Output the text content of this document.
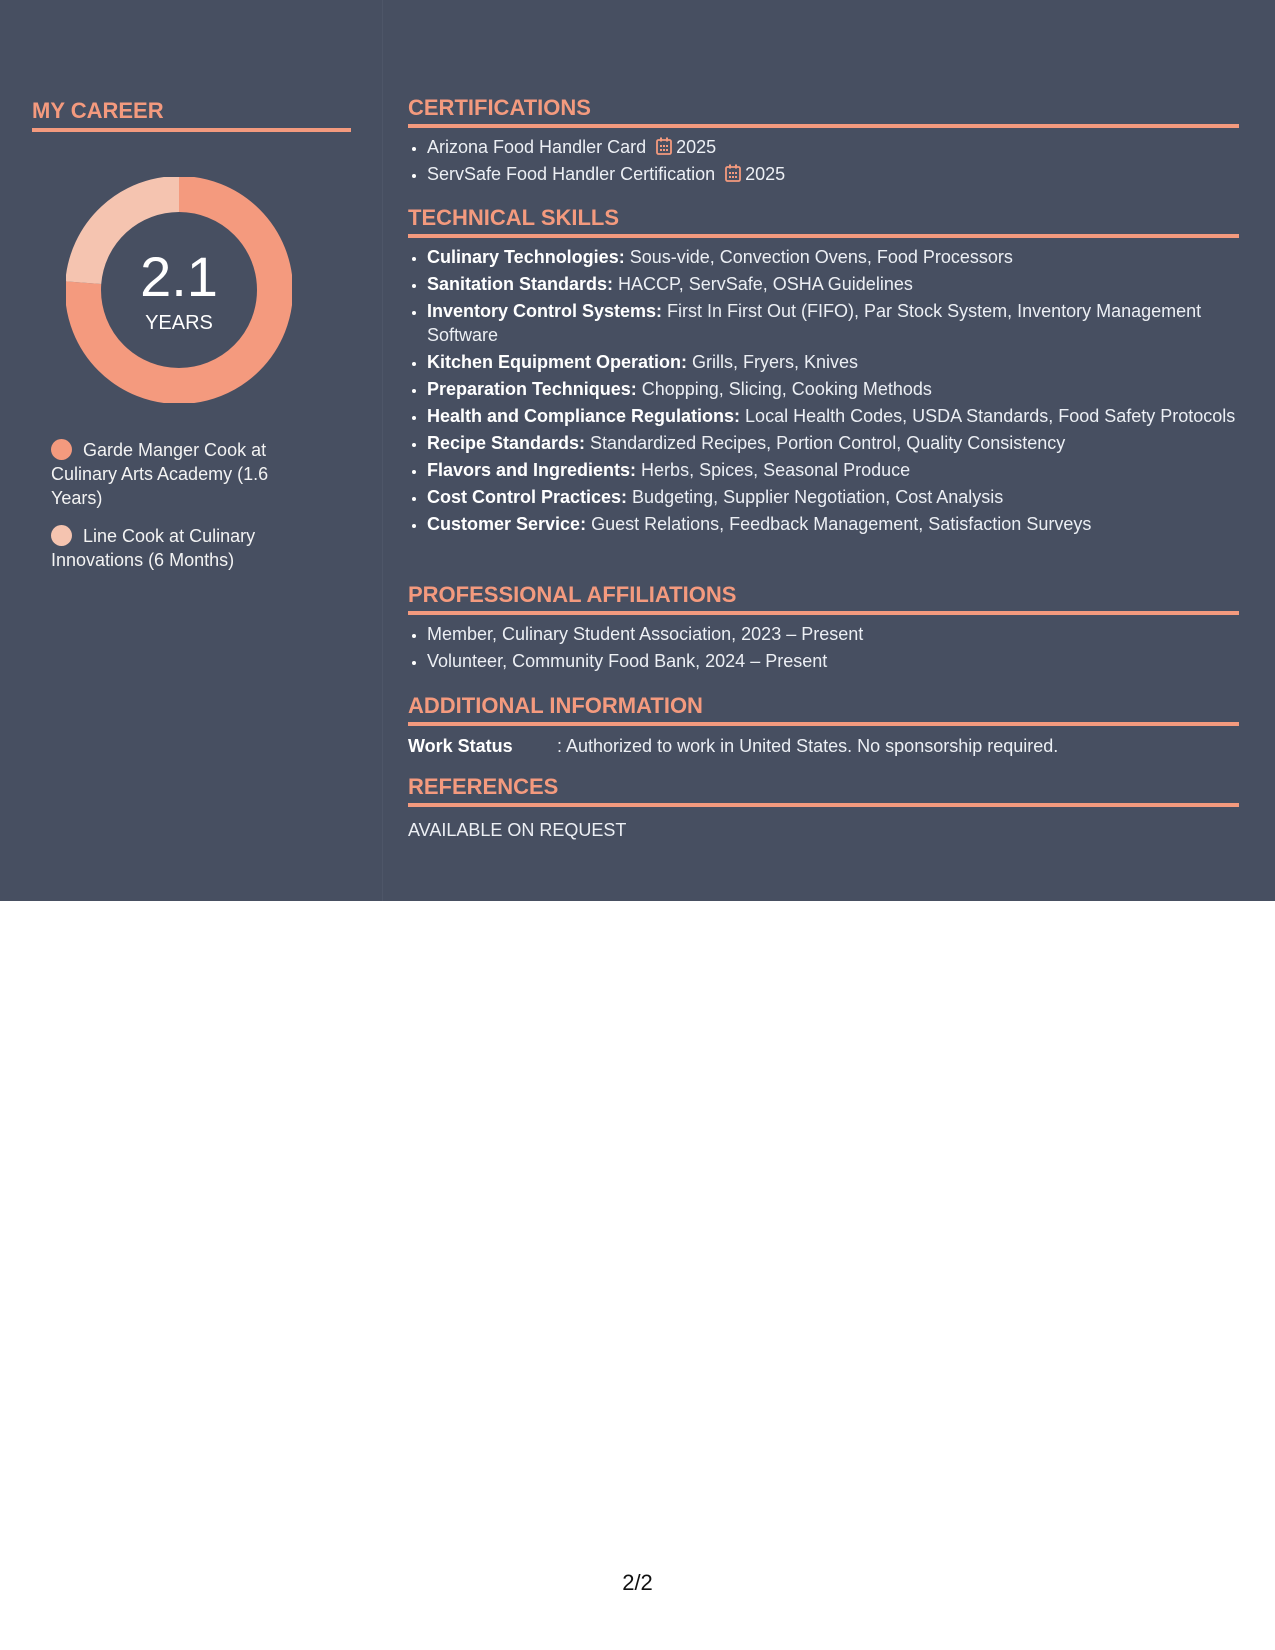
MY CAREER
2.1
YEARS
Garde Manger Cook at Culinary Arts Academy (1.6 Years)
Line Cook at Culinary Innovations (6 Months)
CERTIFICATIONS
• Arizona Food Handler Card 2025
• ServSafe Food Handler Certification 2025
TECHNICAL SKILLS
• Culinary Technologies: Sous-vide, Convection Ovens, Food Processors
• Sanitation Standards: HACCP, ServSafe, OSHA Guidelines
• Inventory Control Systems: First In First Out (FIFO), Par Stock System, Inventory Management Software
• Kitchen Equipment Operation: Grills, Fryers, Knives
• Preparation Techniques: Chopping, Slicing, Cooking Methods
• Health and Compliance Regulations: Local Health Codes, USDA Standards, Food Safety Protocols
• Recipe Standards: Standardized Recipes, Portion Control, Quality Consistency
• Flavors and Ingredients: Herbs, Spices, Seasonal Produce
• Cost Control Practices: Budgeting, Supplier Negotiation, Cost Analysis
• Customer Service: Guest Relations, Feedback Management, Satisfaction Surveys
PROFESSIONAL AFFILIATIONS
• Member, Culinary Student Association, 2023 – Present
• Volunteer, Community Food Bank, 2024 – Present
ADDITIONAL INFORMATION
Work Status : Authorized to work in United States. No sponsorship required.
REFERENCES
AVAILABLE ON REQUEST
2/2
